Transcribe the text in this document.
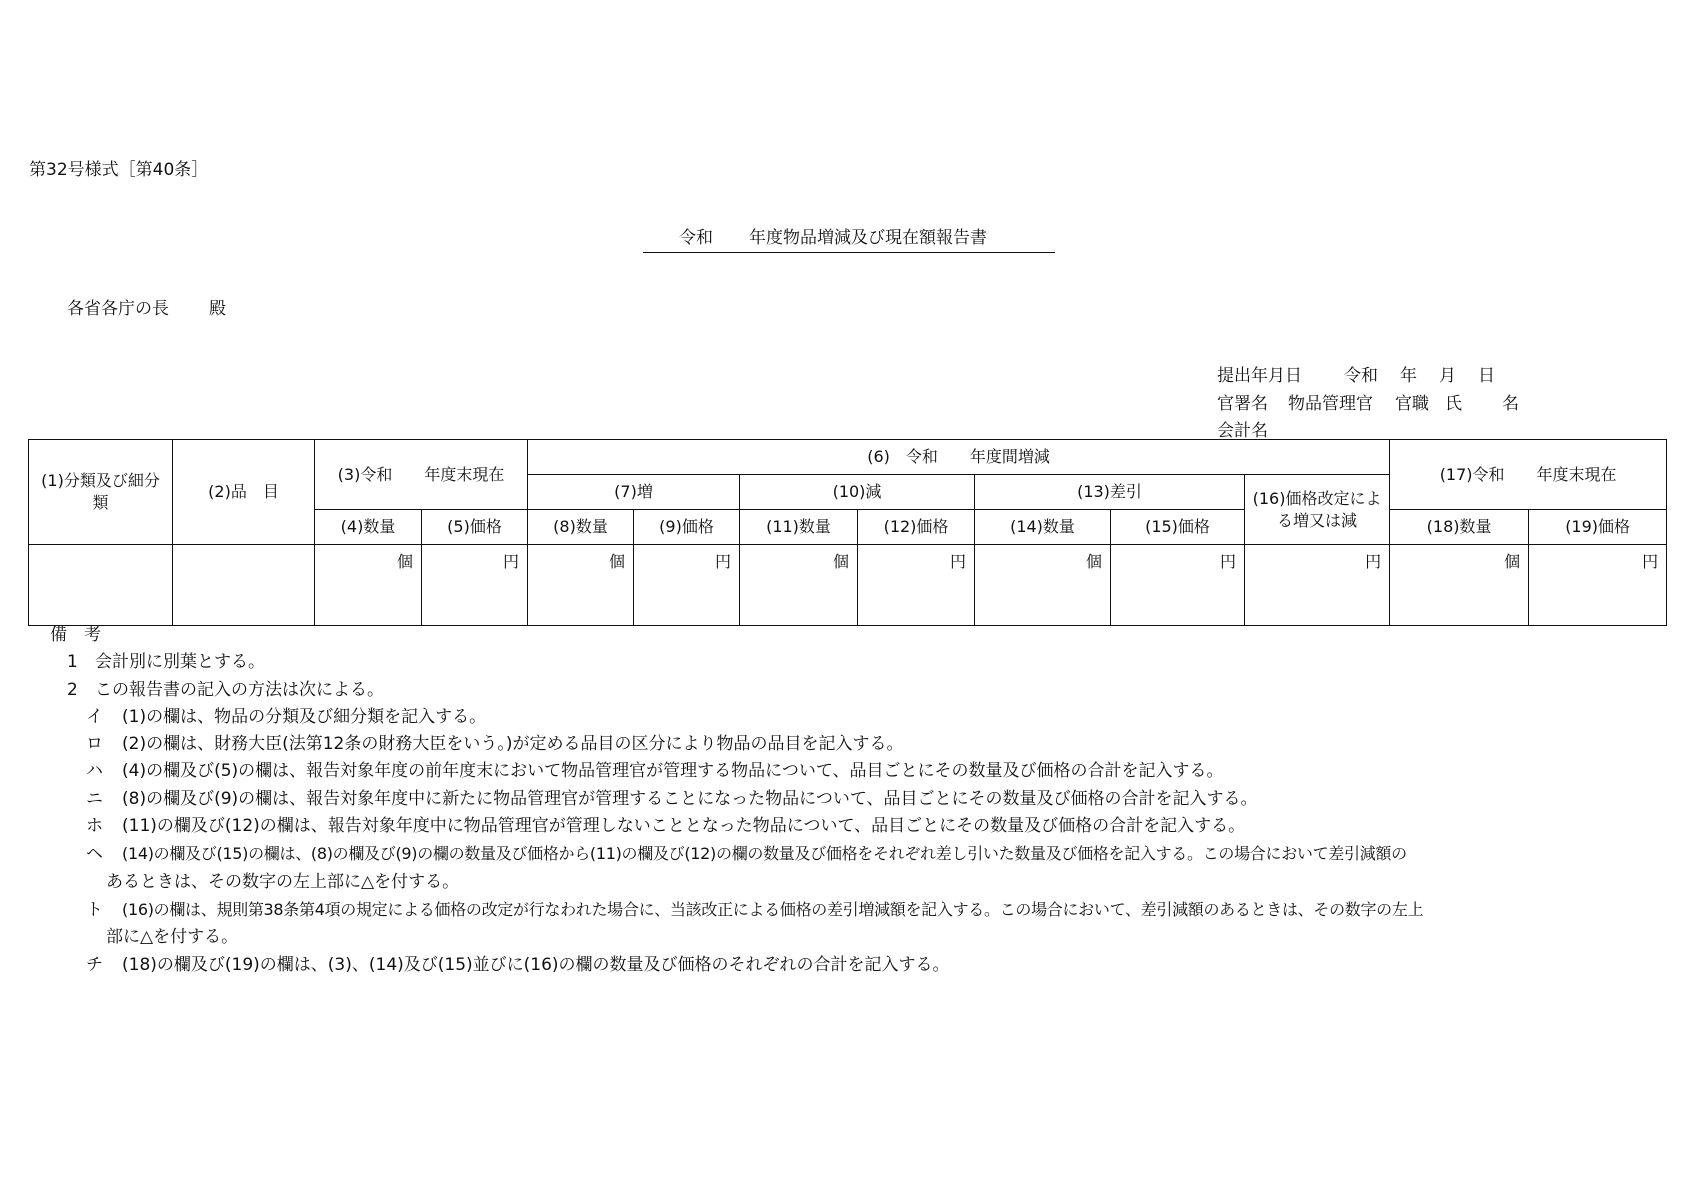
第32号様式［第40条］
令和 年度物品増減及び現在額報告書
各省各庁の長 殿
提出年月日 令和 年 月 日
官署名 物品管理官 官職 氏 名
会計名
(1)分類及び細分類	(2)品　目	(3)令和　　年度末現在		(6)　令和　　年度間増減							(17)令和　　年度末現在	
				(7)増		(10)減		(13)差引		(16)価格改定による増又は減		
		(4)数量	(5)価格	(8)数量	(9)価格	(11)数量	(12)価格	(14)数量	(15)価格		(18)数量	(19)価格
		個	円	個	円	個	円	個	円	円	個	円
備　考
1 会計別に別葉とする。
2 この報告書の記入の方法は次による。
イ (1)の欄は、物品の分類及び細分類を記入する。
ロ (2)の欄は、財務大臣(法第12条の財務大臣をいう。)が定める品目の区分により物品の品目を記入する。
ハ (4)の欄及び(5)の欄は、報告対象年度の前年度末において物品管理官が管理する物品について、品目ごとにその数量及び価格の合計を記入する。
ニ (8)の欄及び(9)の欄は、報告対象年度中に新たに物品管理官が管理することになった物品について、品目ごとにその数量及び価格の合計を記入する。
ホ (11)の欄及び(12)の欄は、報告対象年度中に物品管理官が管理しないこととなった物品について、品目ごとにその数量及び価格の合計を記入する。
ヘ (14)の欄及び(15)の欄は、(8)の欄及び(9)の欄の数量及び価格から(11)の欄及び(12)の欄の数量及び価格をそれぞれ差し引いた数量及び価格を記入する。この場合において差引減額の
あるときは、その数字の左上部に△を付する。
ト (16)の欄は、規則第38条第4項の規定による価格の改定が行なわれた場合に、当該改正による価格の差引増減額を記入する。この場合において、差引減額のあるときは、その数字の左上
部に△を付する。
チ (18)の欄及び(19)の欄は、(3)、(14)及び(15)並びに(16)の欄の数量及び価格のそれぞれの合計を記入する。
